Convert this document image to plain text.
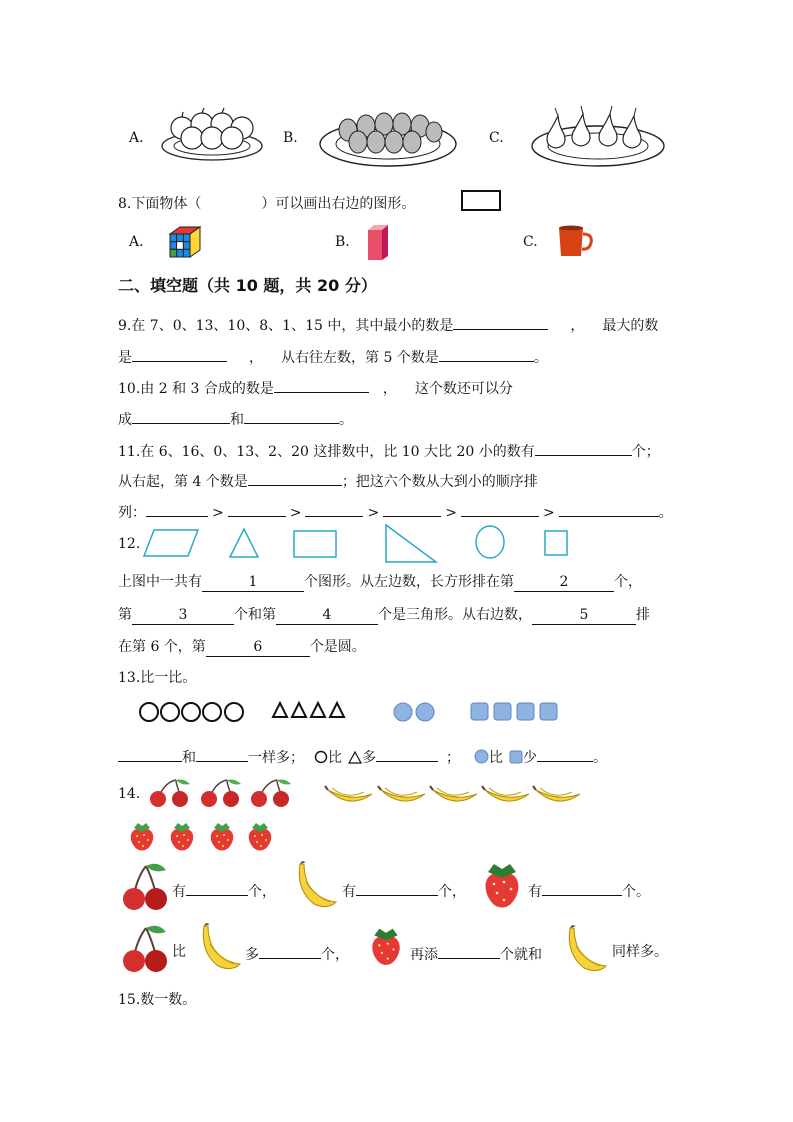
A.	B.	C.
8.下面物体（	）可以画出右边的图形。
A.	B.	C.
二、填空题（共 10 题，共 20 分）
9.在 7、0、13、10、8、1、15 中，其中最小的数是	， 最大的数
是	， 从右往左数，第 5 个数是	。
10.由 2 和 3 合成的数是	， 这个数还可以分
成	和	。
11.在 6、16、0、13、2、20 这排数中，比 10 大比 20 小的数有	个；
从右起，第 4 个数是	；把这六个数从大到小的顺序排
列：	>	>	>	>	>	。
12.
上图中一共有	1	个图形。从左边数，长方形排在第	2	个，
第	3	个和第	4	个是三角形。从右边数，	5	排
在第 6 个，第	6	个是圆。
13.比一比。
和	一样多； 比 多	； 比 少	。
14.
有	个，	有	个，	有	个。
比	多	个，	再添	个就和	同样多。
15.数一数。
